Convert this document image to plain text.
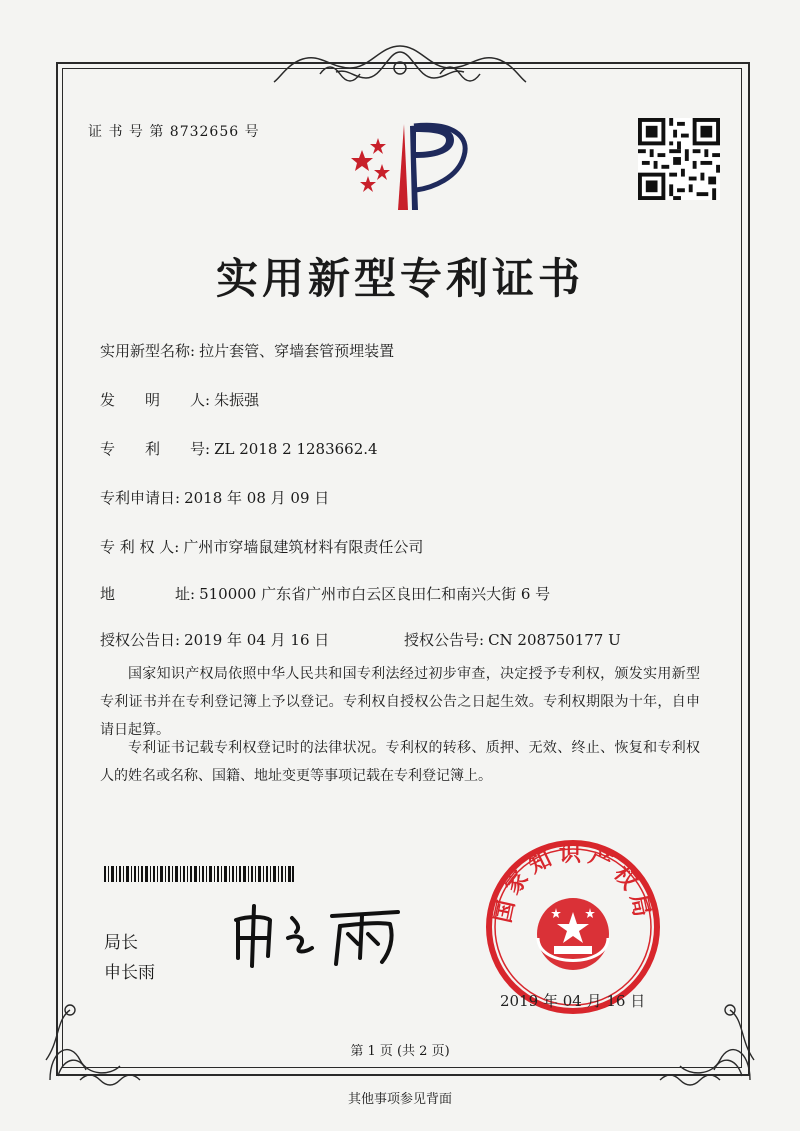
证 书 号 第 8732656 号
实用新型专利证书
实用新型名称: 拉片套管、穿墙套管预埋装置
发　　明　　人: 朱振强
专　　利　　号: ZL 2018 2 1283662.4
专利申请日: 2018 年 08 月 09 日
专 利 权 人: 广州市穿墙鼠建筑材料有限责任公司
地　　　　址: 510000 广东省广州市白云区良田仁和南兴大街 6 号
授权公告日: 2019 年 04 月 16 日	授权公告号: CN 208750177 U
国家知识产权局依照中华人民共和国专利法经过初步审查，决定授予专利权，颁发实用新型专利证书并在专利登记簿上予以登记。专利权自授权公告之日起生效。专利权期限为十年，自申请日起算。
专利证书记载专利权登记时的法律状况。专利权的转移、质押、无效、终止、恢复和专利权人的姓名或名称、国籍、地址变更等事项记载在专利登记簿上。
局长
申长雨
国家知识产权局
2019 年 04 月 16 日
第 1 页 (共 2 页)
其他事项参见背面
